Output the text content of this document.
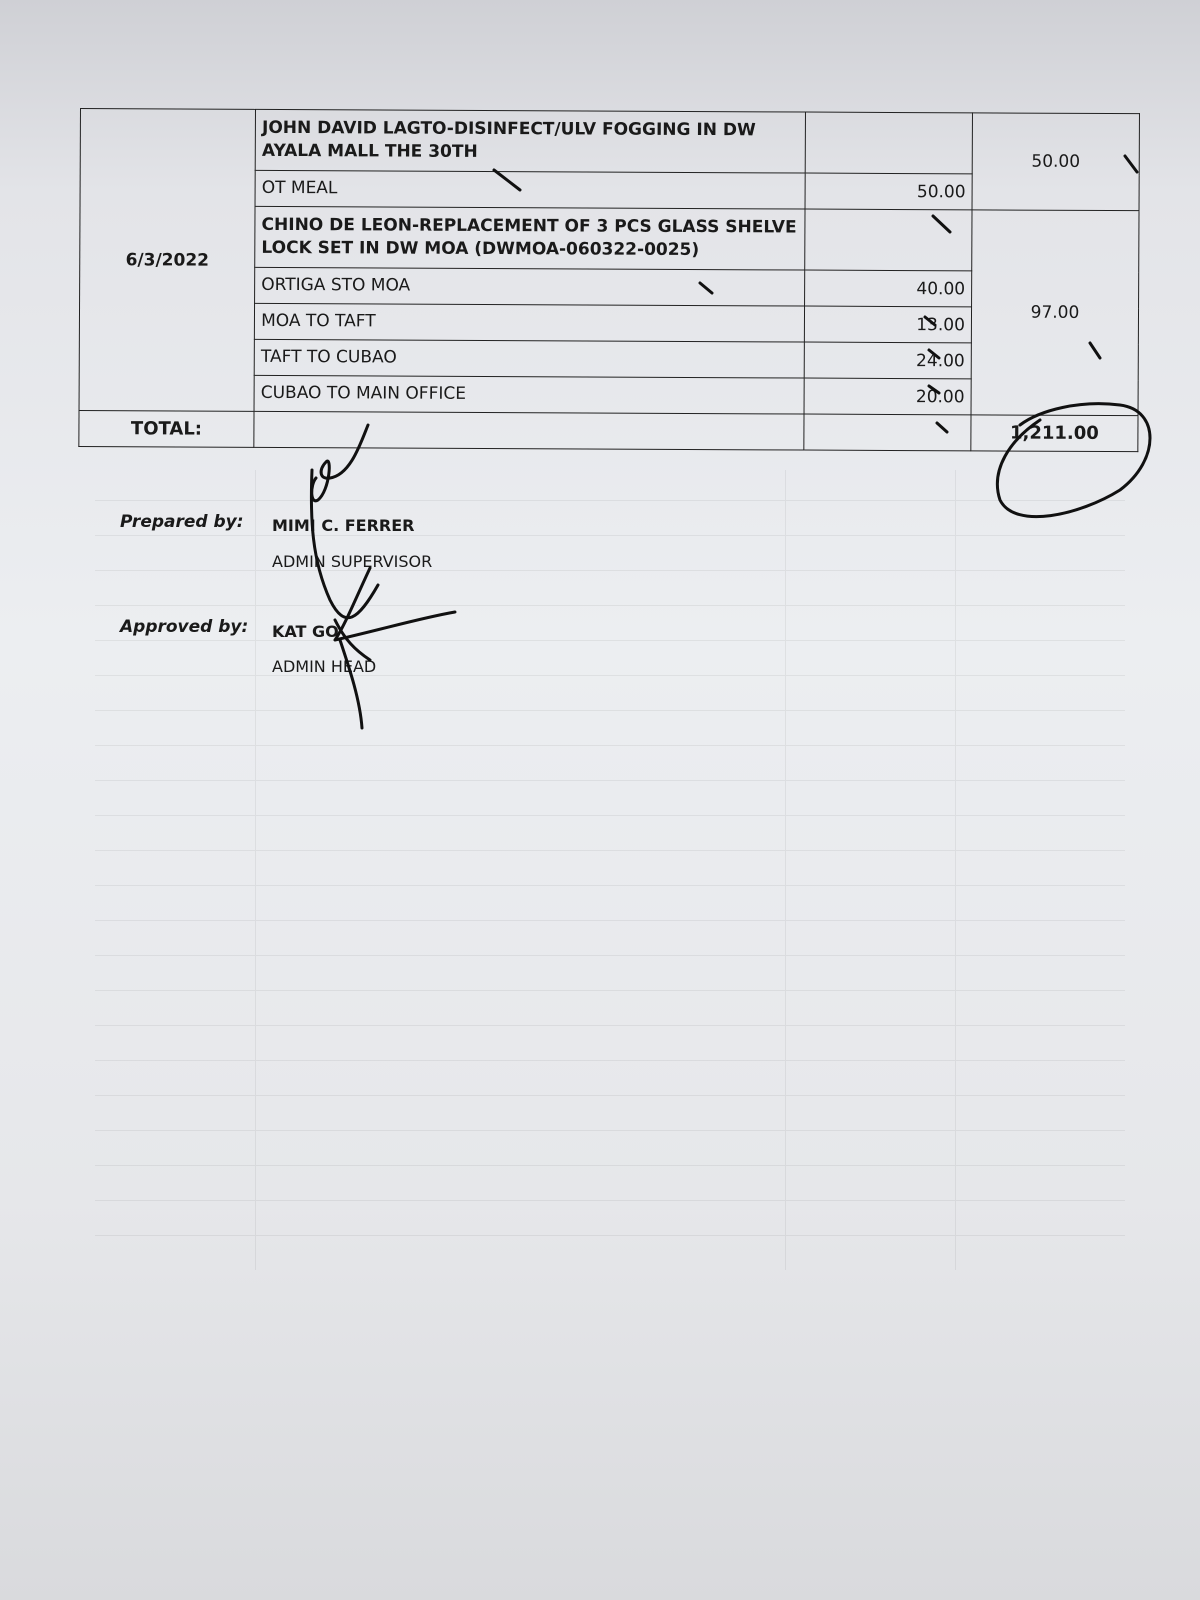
6/3/2022	JOHN DAVID LAGTO-DISINFECT/ULV FOGGING IN DW AYALA MALL THE 30TH		50.00
	OT MEAL	50.00	
	CHINO DE LEON-REPLACEMENT OF 3 PCS GLASS SHELVE LOCK SET IN DW MOA (DWMOA-060322-0025)		97.00
	ORTIGA STO MOA	40.00	
	MOA TO TAFT	13.00	
	TAFT TO CUBAO	24.00	
	CUBAO TO MAIN OFFICE	20.00	
TOTAL:			1,211.00
Prepared by: MIMI C. FERRER
ADMIN SUPERVISOR
Approved by: KAT GO
ADMIN HEAD
